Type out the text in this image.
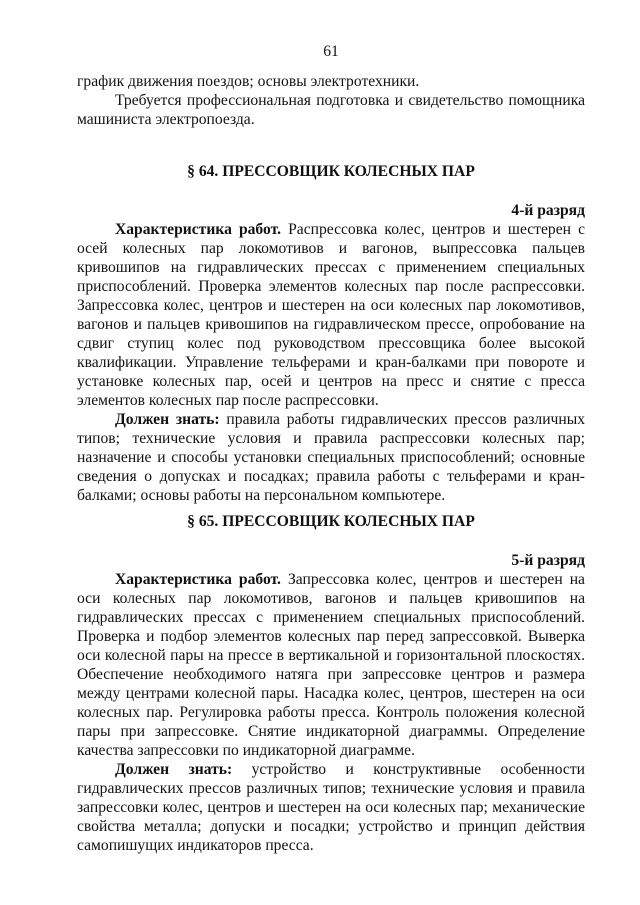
61

график движения поездов; основы электротехники.

Требуется профессиональная подготовка и свидетельство помощника машиниста электропоезда.

§ 64. ПРЕССОВЩИК КОЛЕСНЫХ ПАР

4-й разряд

Характеристика работ. Распрессовка колес, центров и шестерен с осей колесных пар локомотивов и вагонов, выпрессовка пальцев кривошипов на гидравлических прессах с применением специальных приспособлений. Проверка элементов колесных пар после распрессовки. Запрессовка колес, центров и шестерен на оси колесных пар локомотивов, вагонов и пальцев кривошипов на гидравлическом прессе, опробование на сдвиг ступиц колес под руководством прессовщика более высокой квалификации. Управление тельферами и кран-балками при повороте и установке колесных пар, осей и центров на пресс и снятие с пресса элементов колесных пар после распрессовки.

Должен знать: правила работы гидравлических прессов различных типов; технические условия и правила распрессовки колесных пар; назначение и способы установки специальных приспособлений; основные сведения о допусках и посадках; правила работы с тельферами и кран-балками; основы работы на персональном компьютере.

§ 65. ПРЕССОВЩИК КОЛЕСНЫХ ПАР

5-й разряд

Характеристика работ. Запрессовка колес, центров и шестерен на оси колесных пар локомотивов, вагонов и пальцев кривошипов на гидравлических прессах с применением специальных приспособлений. Проверка и подбор элементов колесных пар перед запрессовкой. Выверка оси колесной пары на прессе в вертикальной и горизонтальной плоскостях. Обеспечение необходимого натяга при запрессовке центров и размера между центрами колесной пары. Насадка колес, центров, шестерен на оси колесных пар. Регулировка работы пресса. Контроль положения колесной пары при запрессовке. Снятие индикаторной диаграммы. Определение качества запрессовки по индикаторной диаграмме.

Должен знать: устройство и конструктивные особенности гидравлических прессов различных типов; технические условия и правила запрессовки колес, центров и шестерен на оси колесных пар; механические свойства металла; допуски и посадки; устройство и принцип действия самопишущих индикаторов пресса.
